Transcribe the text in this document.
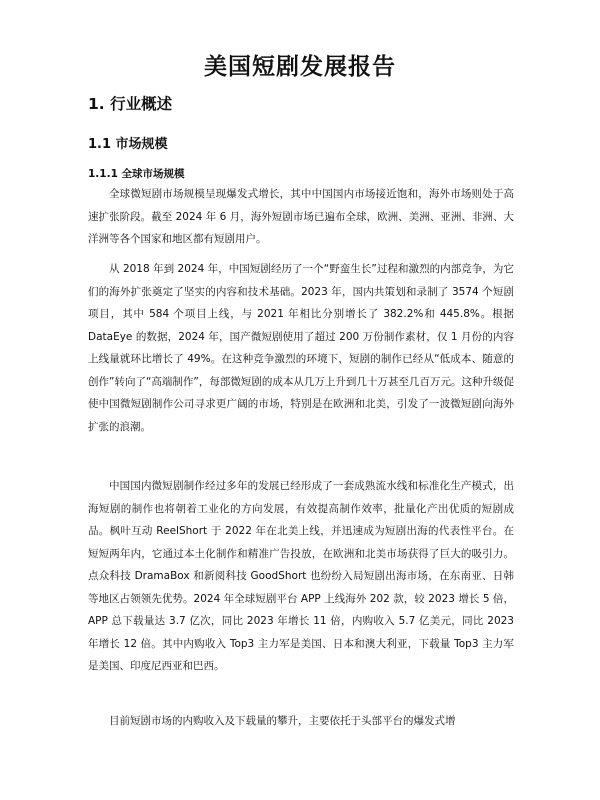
美国短剧发展报告
1. 行业概述
1.1 市场规模
1.1.1 全球市场规模

全球微短剧市场规模呈现爆发式增长，其中中国国内市场接近饱和，海外市场则处于高速扩张阶段。截至 2024 年 6 月，海外短剧市场已遍布全球，欧洲、美洲、亚洲、非洲、大洋洲等各个国家和地区都有短剧用户。

从 2018 年到 2024 年，中国短剧经历了一个“野蛮生长”过程和激烈的内部竞争，为它们的海外扩张奠定了坚实的内容和技术基础。2023 年，国内共策划和录制了 3574 个短剧项目，其中 584 个项目上线，与 2021 年相比分别增长了 382.2%和 445.8%。根据 DataEye 的数据，2024 年，国产微短剧使用了超过 200 万份制作素材，仅 1 月份的内容上线量就环比增长了 49%。在这种竞争激烈的环境下，短剧的制作已经从“低成本、随意的创作”转向了“高端制作”，每部微短剧的成本从几万上升到几十万甚至几百万元。这种升级促使中国微短剧制作公司寻求更广阔的市场，特别是在欧洲和北美，引发了一波微短剧向海外扩张的浪潮。

中国国内微短剧制作经过多年的发展已经形成了一套成熟流水线和标准化生产模式，出海短剧的制作也将朝着工业化的方向发展，有效提高制作效率，批量化产出优质的短剧成品。枫叶互动 ReelShort 于 2022 年在北美上线，并迅速成为短剧出海的代表性平台。在短短两年内，它通过本土化制作和精准广告投放，在欧洲和北美市场获得了巨大的吸引力。点众科技 DramaBox 和新阅科技 GoodShort 也纷纷入局短剧出海市场，在东南亚、日韩等地区占领领先优势。2024 年全球短剧平台 APP 上线海外 202 款，较 2023 增长 5 倍，APP 总下载量达 3.7 亿次，同比 2023 年增长 11 倍，内购收入 5.7 亿美元，同比 2023 年增长 12 倍。其中内购收入 Top3 主力军是美国、日本和澳大利亚，下载量 Top3 主力军是美国、印度尼西亚和巴西。

目前短剧市场的内购收入及下载量的攀升，主要依托于头部平台的爆发式增
